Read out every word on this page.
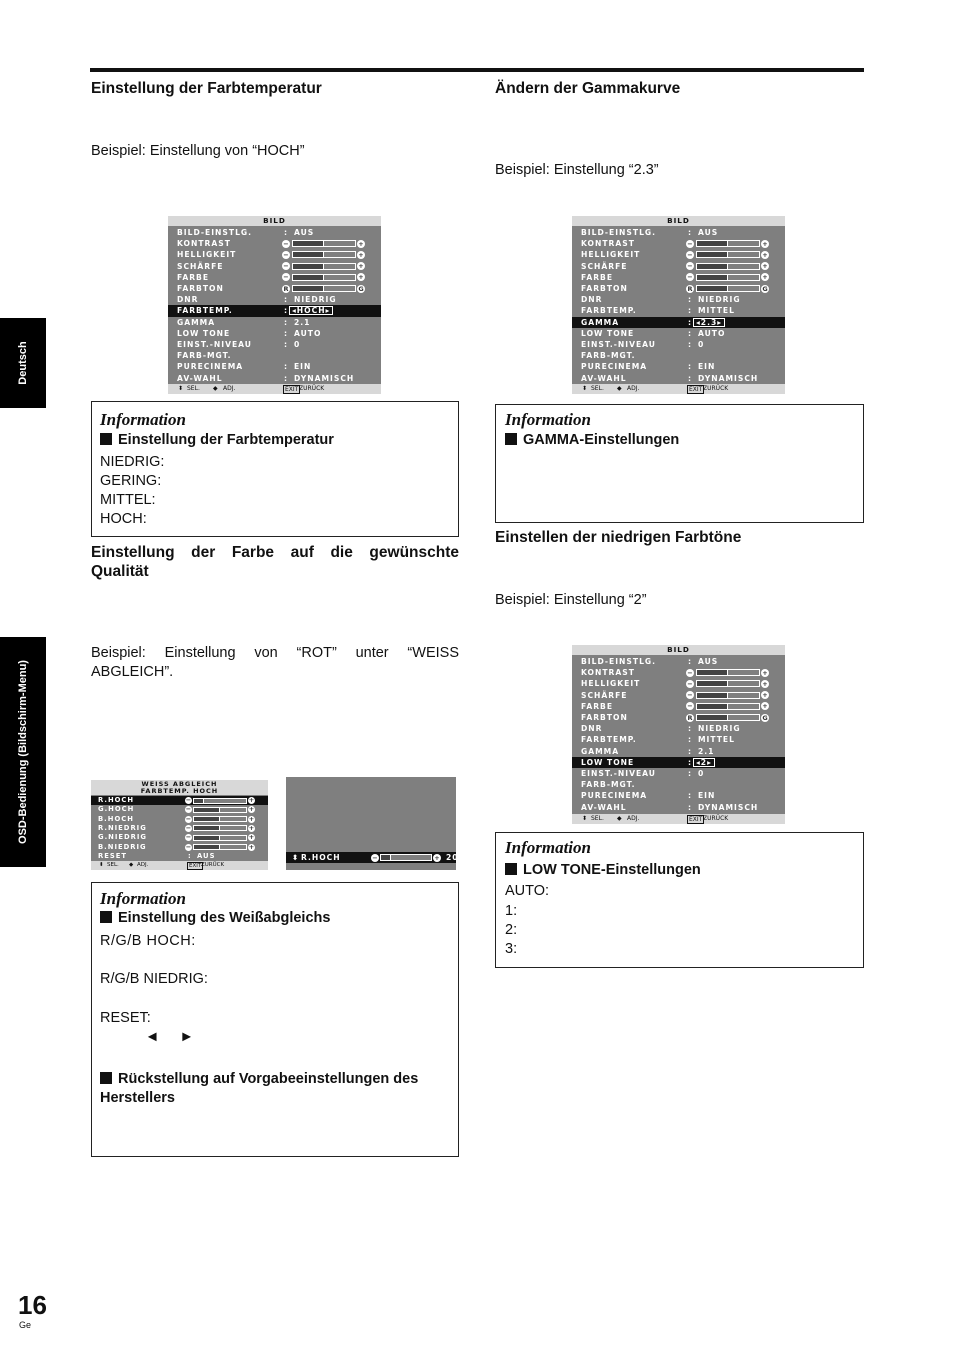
Deutsch
OSD-Bedienung (Bildschirm-Menu)
Einstellung der Farbtemperatur
Beispiel: Einstellung von “HOCH”
BILD
BILD-EINSTLG.	: AUS
KONTRAST	−	+
HELLIGKEIT	−	+
SCHÄRFE	−	+
FARBE	−	+
FARBTON	R	G
DNR	: NIEDRIG
FARBTEMP.	: ◂HOCH▸
GAMMA	: 2.1
LOW TONE	: AUTO
EINST.-NIVEAU	: 0
FARB-MGT.
PURECINEMA	: EIN
AV-WAHL	: DYNAMISCH
⬍ SEL. ◆ ADJ.	EXIT ZURÜCK
Information
Einstellung der Farbtemperatur
NIEDRIG:
GERING:
MITTEL:
HOCH:
Einstellung der Farbe auf die gewünschte Qualität
Beispiel: Einstellung von “ROT” unter “WEISS ABGLEICH”.
WEISS ABGLEICH
FARBTEMP. HOCH
R.HOCH	−	+
G.HOCH	−	+
B.HOCH	−	+
R.NIEDRIG	−	+
G.NIEDRIG	−	+
B.NIEDRIG	−	+
RESET	: AUS
⬍ SEL. ◆ ADJ.	EXIT ZURÜCK
⬍ R.HOCH	−	+ 20
Information
Einstellung des Weißabgleichs
R/G/B HOCH:
R/G/B NIEDRIG:
RESET:
◄     ►
Rückstellung auf Vorgabeeinstellungen des Herstellers
Ändern der Gammakurve
Beispiel: Einstellung “2.3”
BILD
BILD-EINSTLG.	: AUS
KONTRAST	−	+
HELLIGKEIT	−	+
SCHÄRFE	−	+
FARBE	−	+
FARBTON	R	G
DNR	: NIEDRIG
FARBTEMP.	: MITTEL
GAMMA	: ◂2.3▸
LOW TONE	: AUTO
EINST.-NIVEAU	: 0
FARB-MGT.
PURECINEMA	: EIN
AV-WAHL	: DYNAMISCH
⬍ SEL. ◆ ADJ.	EXIT ZURÜCK
Information
GAMMA-Einstellungen
Einstellen der niedrigen Farbtöne
Beispiel: Einstellung “2”
BILD
BILD-EINSTLG.	: AUS
KONTRAST	−	+
HELLIGKEIT	−	+
SCHÄRFE	−	+
FARBE	−	+
FARBTON	R	G
DNR	: NIEDRIG
FARBTEMP.	: MITTEL
GAMMA	: 2.1
LOW TONE	: ◂2▸
EINST.-NIVEAU	: 0
FARB-MGT.
PURECINEMA	: EIN
AV-WAHL	: DYNAMISCH
⬍ SEL. ◆ ADJ.	EXIT ZURÜCK
Information
LOW TONE-Einstellungen
AUTO:
1:
2:
3:
16
Ge
